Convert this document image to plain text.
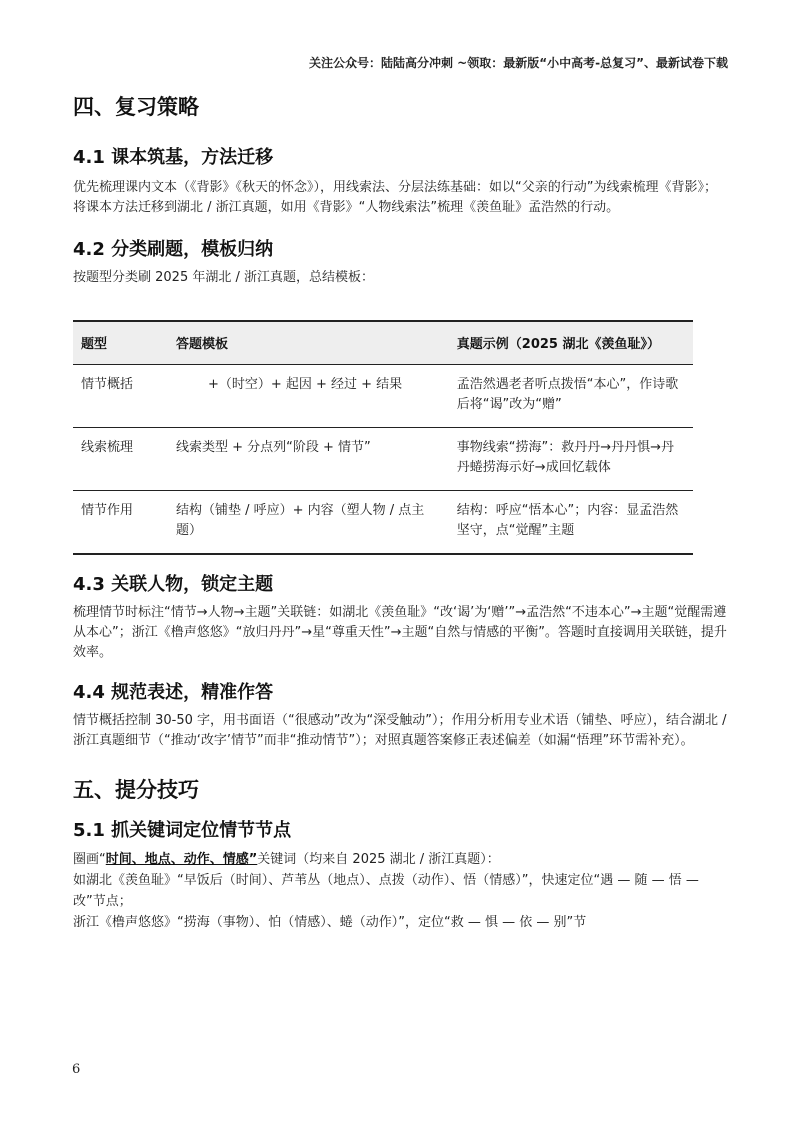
关注公众号：陆陆高分冲刺 ~领取：最新版“小中高考-总复习”、最新试卷下载
四、复习策略
4.1 课本筑基，方法迁移

优先梳理课内文本（《背影》《秋天的怀念》），用线索法、分层法练基础：如以“父亲的行动”为线索梳理《背影》；将课本方法迁移到湖北 / 浙江真题，如用《背影》“人物线索法”梳理《羡鱼耻》孟浩然的行动。

4.2 分类刷题，模板归纳

按题型分类刷 2025 年湖北 / 浙江真题，总结模板：

题型	答题模板	真题示例（2025 湖北《羡鱼耻》）
情节概括	+（时空）+ 起因 + 经过 + 结果	孟浩然遇老者听点拨悟“本心”，作诗歌后将“谒”改为“赠”
线索梳理	线索类型 + 分点列“阶段 + 情节”	事物线索“捞海”：救丹丹→丹丹惧→丹丹蜷捞海示好→成回忆载体
情节作用	结构（铺垫 / 呼应）+ 内容（塑人物 / 点主题）	结构：呼应“悟本心”；内容：显孟浩然坚守，点“觉醒”主题
4.3 关联人物，锁定主题

梳理情节时标注“情节→人物→主题”关联链：如湖北《羡鱼耻》“改‘谒’为‘赠’”→孟浩然“不违本心”→主题“觉醒需遵从本心”；浙江《橹声悠悠》“放归丹丹”→星“尊重天性”→主题“自然与情感的平衡”。答题时直接调用关联链，提升效率。

4.4 规范表述，精准作答

情节概括控制 30-50 字，用书面语（“很感动”改为“深受触动”）；作用分析用专业术语（铺垫、呼应），结合湖北 / 浙江真题细节（“推动‘改字’情节”而非“推动情节”）；对照真题答案修正表述偏差（如漏“悟理”环节需补充）。

五、提分技巧
5.1 抓关键词定位情节节点

圈画“时间、地点、动作、情感”关键词（均来自 2025 湖北 / 浙江真题）：

如湖北《羡鱼耻》“早饭后（时间）、芦苇丛（地点）、点拨（动作）、悟（情感）”，快速定位“遇 — 随 — 悟 — 改”节点；

浙江《橹声悠悠》“捞海（事物）、怕（情感）、蜷（动作）”，定位“救 — 惧 — 依 — 别”节

6
